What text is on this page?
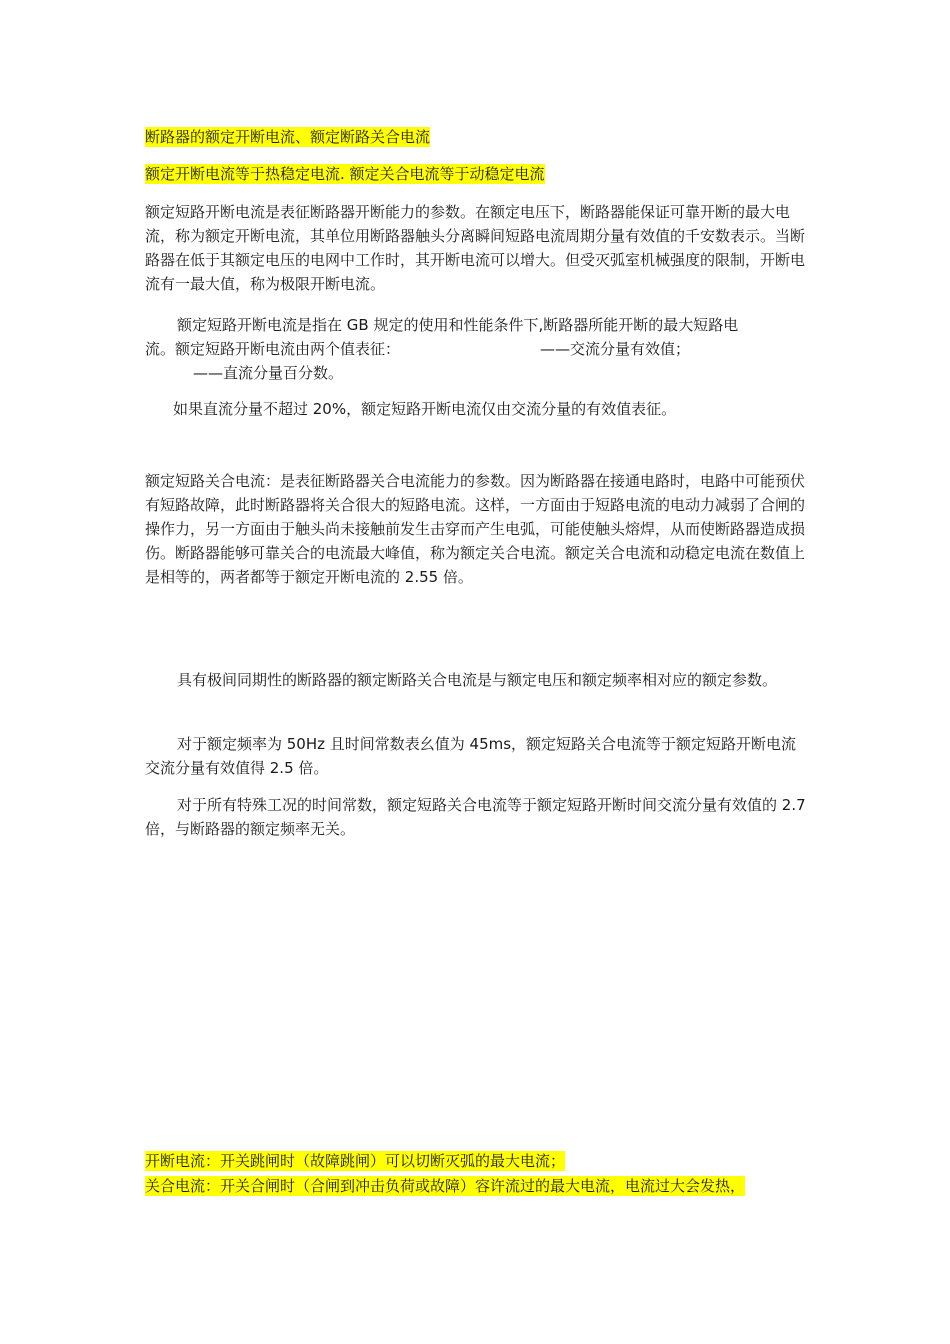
断路器的额定开断电流、额定断路关合电流
额定开断电流等于热稳定电流. 额定关合电流等于动稳定电流

额定短路开断电流是表征断路器开断能力的参数。在额定电压下，断路器能保证可靠开断的最大电流，称为额定开断电流，其单位用断路器触头分离瞬间短路电流周期分量有效值的千安数表示。当断路器在低于其额定电压的电网中工作时，其开断电流可以增大。但受灭弧室机械强度的限制，开断电流有一最大值，称为极限开断电流。

额定短路开断电流是指在 GB 规定的使用和性能条件下,断路器所能开断的最大短路电
流。额定短路开断电流由两个值表征：	——交流分量有效值；
——直流分量百分数。

如果直流分量不超过 20%，额定短路开断电流仅由交流分量的有效值表征。

额定短路关合电流：是表征断路器关合电流能力的参数。因为断路器在接通电路时，电路中可能预伏有短路故障，此时断路器将关合很大的短路电流。这样，一方面由于短路电流的电动力减弱了合闸的操作力，另一方面由于触头尚未接触前发生击穿而产生电弧，可能使触头熔焊，从而使断路器造成损伤。断路器能够可靠关合的电流最大峰值，称为额定关合电流。额定关合电流和动稳定电流在数值上是相等的，两者都等于额定开断电流的 2.55 倍。

具有极间同期性的断路器的额定断路关合电流是与额定电压和额定频率相对应的额定参数。

对于额定频率为 50Hz 且时间常数表幺值为 45ms，额定短路关合电流等于额定短路开断电流交流分量有效值得 2.5 倍。

对于所有特殊工况的时间常数，额定短路关合电流等于额定短路开断时间交流分量有效值的 2.7 倍，与断路器的额定频率无关。

开断电流：开关跳闸时（故障跳闸）可以切断灭弧的最大电流；
关合电流：开关合闸时（合闸到冲击负荷或故障）容许流过的最大电流，电流过大会发热，
